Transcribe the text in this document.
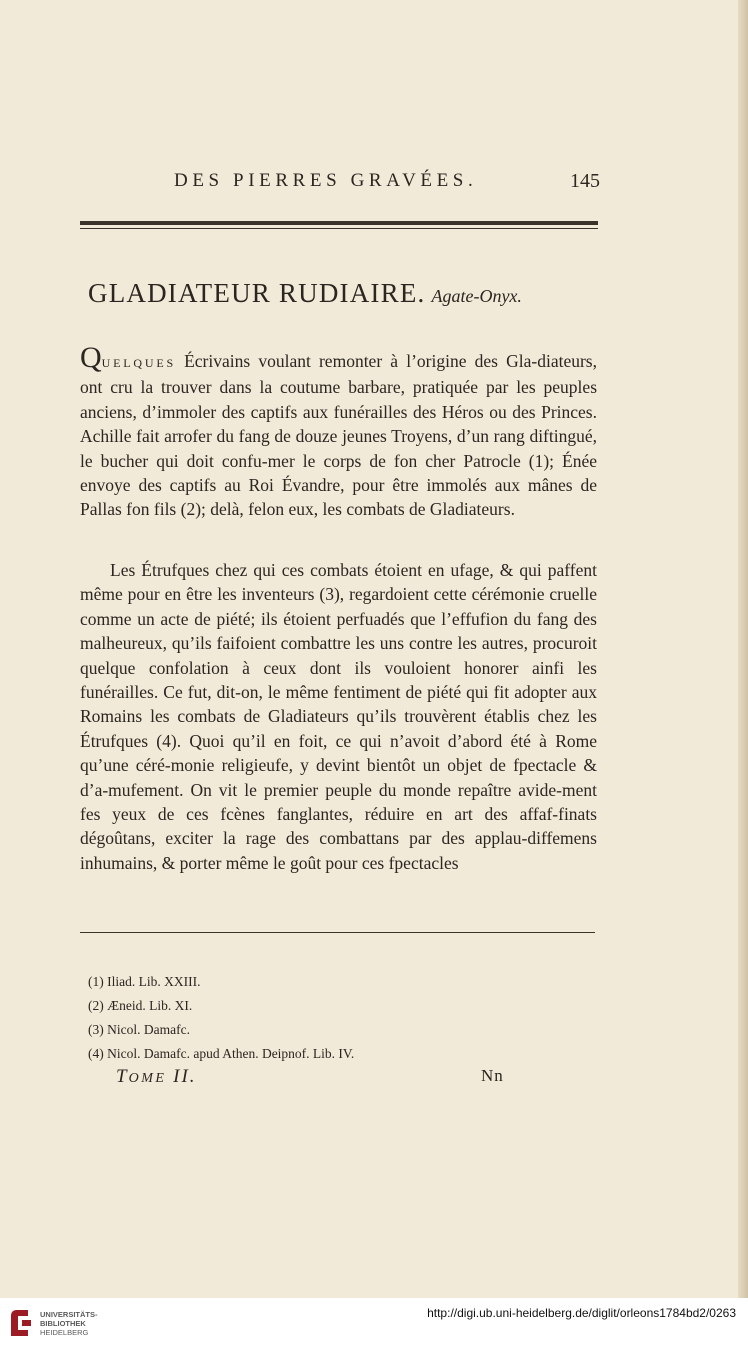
DES PIERRES GRAVÉES.	145
GLADIATEUR RUDIAIRE. Agate-Onyx.
QUELQUES Écrivains voulant remonter à l’origine des Gla-diateurs, ont cru la trouver dans la coutume barbare, pratiquée par les peuples anciens, d’immoler des captifs aux funérailles des Héros ou des Princes. Achille fait arrofer du fang de douze jeunes Troyens, d’un rang diftingué, le bucher qui doit confu-mer le corps de fon cher Patrocle (1); Énée envoye des captifs au Roi Évandre, pour être immolés aux mânes de Pallas fon fils (2); delà, felon eux, les combats de Gladiateurs.
Les Étrufques chez qui ces combats étoient en ufage, & qui paffent même pour en être les inventeurs (3), regardoient cette cérémonie cruelle comme un acte de piété; ils étoient perfuadés que l’effufion du fang des malheureux, qu’ils faifoient combattre les uns contre les autres, procuroit quelque confolation à ceux dont ils vouloient honorer ainfi les funérailles. Ce fut, dit-on, le même fentiment de piété qui fit adopter aux Romains les combats de Gladiateurs qu’ils trouvèrent établis chez les Étrufques (4). Quoi qu’il en foit, ce qui n’avoit d’abord été à Rome qu’une céré-monie religieufe, y devint bientôt un objet de fpectacle & d’a-mufement. On vit le premier peuple du monde repaître avide-ment fes yeux de ces fcènes fanglantes, réduire en art des affaf-finats dégoûtans, exciter la rage des combattans par des applau-diffemens inhumains, & porter même le goût pour ces fpectacles
(1) Iliad. Lib. XXIII.
(2) Æneid. Lib. XI.
(3) Nicol. Damafc.
(4) Nicol. Damafc. apud Athen. Deipnof. Lib. IV.
TOME II.	Nn
UNIVERSITÄTS-
BIBLIOTHEK
HEIDELBERG
http://digi.ub.uni-heidelberg.de/diglit/orleons1784bd2/0263
